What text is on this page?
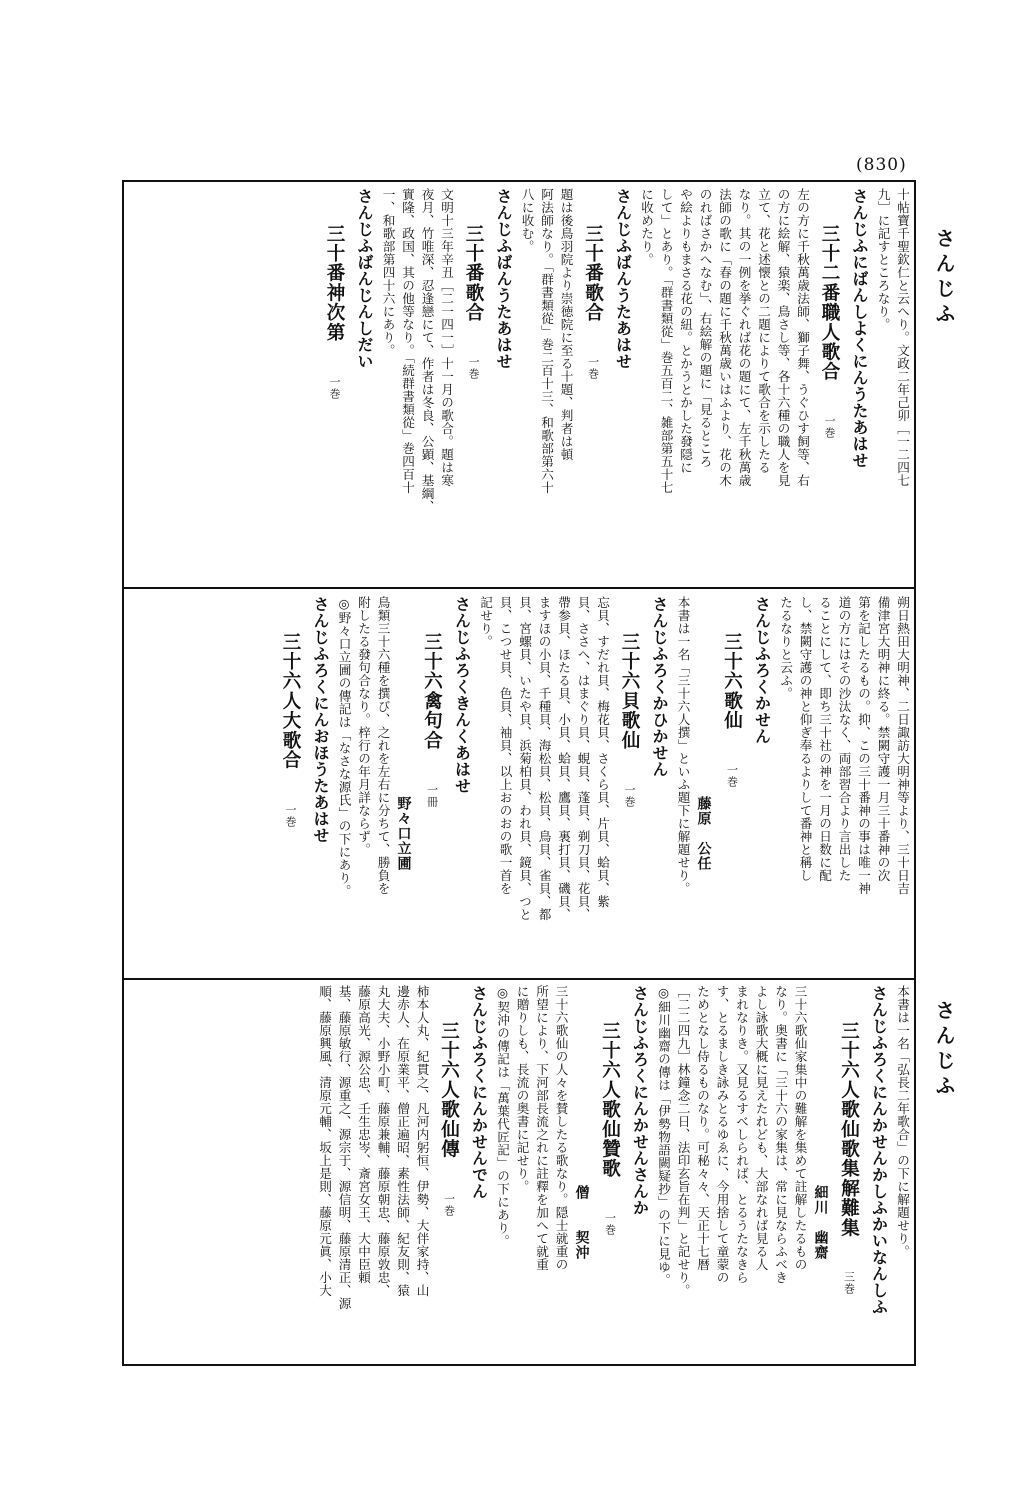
(830)
さんじふ
さんじふ
十帖寶千聖欽仁と云へり。文政二年己卯［一二四七
九］に記すところなり。
さんじふにばんしよくにんうたあはせ
三十二番職人歌合　一巻
左の方に千秋萬歳法師、獅子舞、うぐひす飼等、右
の方に絵解、猿楽、鳥さし等、各十六種の職人を見
立て、花と述懐との二題によりて歌合を示したる
なり。其の一例を挙ぐれば花の題にて、左千秋萬歳
法師の歌に「春の題に千秋萬歳いはふより、花の木
のればさかへなむ」、右絵解の題に「見るところ
や絵よりもまさる花の紐。とかうとかした發隠に
して」とあり。「群書類從」巻五百二、雑部第五十七
に收めたり。
さんじふばんうたあはせ
三十番歌合　一巻
題は後鳥羽院より崇徳院に至る十題、判者は頓
阿法師なり。「群書類從」巻二百十三、和歌部第六十
八に收む。
さんじふばんうたあはせ
三十番歌合　一巻
文明十三年辛丑［二一四一］十一月の歌合。題は寒
夜月、竹唯深、忍逢戀にて、作者は冬良、公顕、基綱、
實隆、政国、其の他等なり。「続群書類從」巻四百十
一、和歌部第四十六にあり。
さんじふばんじんしだい
三十番神次第　一巻
朔日熱田大明神、二日諏訪大明神等より、三十日吉
備津宮大明神に終る。禁闕守護一月三十番神の次
第を記したるもの。抑、この三十番神の事は唯一神
道の方にはその沙汰なく、両部習合より言出した
ることにして、即ち三十社の神を一月の日数に配
し、禁闕守護の神と仰ぎ奉るよりして番神と稱し
たるなりと云ふ。
さんじふろくかせん
三十六歌仙　一巻
藤原　公任
本書は一名「三十六人撰」といふ題下に解題せり。
さんじふろくかひかせん
三十六貝歌仙　一巻
忘貝、すだれ貝、梅花貝、さくら貝、片貝、蛤貝、紫
貝、ささへ、はまぐり貝、蜆貝、蓬貝、剃刀貝、花貝、
帶参貝、ほたる貝、小貝、蛤貝、鷹貝、裏打貝、磯貝、
ますほの小貝、千種貝、海松貝、松貝、鳥貝、雀貝、都
貝、宮螺貝、いたや貝、浜菊柏貝、われ貝、鏡貝、つと
貝、こつせ貝、色貝、袖貝、以上おのおの歌一首を
記せり。
さんじふろくきんくあはせ
三十六禽句合　一冊
野々口立圃
鳥類三十六種を撰び、之れを左右に分ちて、勝負を
附したる發句合なり。梓行の年月詳ならず。
◎野々口立圃の傳記は「なさな源氏」の下にあり。
さんじふろくにんおほうたあはせ
三十六人大歌合　一巻
本書は一名「弘長二年歌合」の下に解題せり。
さんじふろくにんかせんかしふかいなんしふ
三十六人歌仙歌集解難集　三巻
細川　幽齋
三十六歌仙家集中の難解を集めて註解したるもの
なり。奥書に「三十六の家集は、常に見ならふべき
よし詠歌大概に見えたれども、大部なれば見る人
まれなりき。又見るすべしられば、とるうたなきら
す、とるましき詠みとるゆゑに、今用捨して童蒙の
ためとなし侍るものなり。可秘々々、天正十七暦
［二二四九］林鐘念二日、法印玄旨在判」と記せり。
◎細川幽齋の傳は「伊勢物語闕疑抄」の下に見ゆ。
さんじふろくにんかせんさんか
三十六人歌仙贊歌　一巻
僧　　契沖
三十六歌仙の人々を賛したる歌なり。隠士就重の
所望により、下河部長流之れに註釋を加へて就重
に贈りしも、長流の奥書に記せり。
◎契沖の傳記は「萬葉代匠記」の下にあり。
さんじふろくにんかせんでん
三十六人歌仙傳　一巻
柿本人丸、紀貫之、凡河内躬恒、伊勢、大伴家持、山
邊赤人、在原業平、僧正遍昭、素性法師、紀友則、猿
丸大夫、小野小町、藤原兼輔、藤原朝忠、藤原敦忠、
藤原高光、源公忠、壬生忠岑、斎宮女王、大中臣頼
基、藤原敏行、源重之、源宗于、源信明、藤原清正、源
順、藤原興風、清原元輔、坂上是則、藤原元眞、小大
